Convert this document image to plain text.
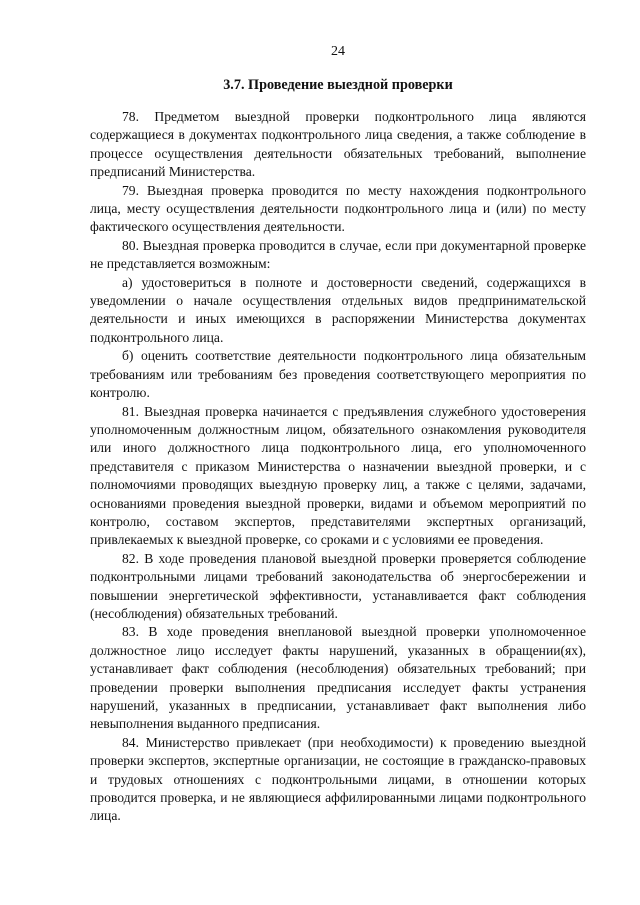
24
3.7. Проведение выездной проверки

78. Предметом выездной проверки подконтрольного лица являются содержащиеся в документах подконтрольного лица сведения, а также соблюдение в процессе осуществления деятельности обязательных требований, выполнение предписаний Министерства.

79. Выездная проверка проводится по месту нахождения подконтрольного лица, месту осуществления деятельности подконтрольного лица и (или) по месту фактического осуществления деятельности.

80. Выездная проверка проводится в случае, если при документарной проверке не представляется возможным:

а) удостовериться в полноте и достоверности сведений, содержащихся в уведомлении о начале осуществления отдельных видов предпринимательской деятельности и иных имеющихся в распоряжении Министерства документах подконтрольного лица.

б) оценить соответствие деятельности подконтрольного лица обязательным требованиям или требованиям без проведения соответствующего мероприятия по контролю.

81. Выездная проверка начинается с предъявления служебного удостоверения уполномоченным должностным лицом, обязательного ознакомления руководителя или иного должностного лица подконтрольного лица, его уполномоченного представителя с приказом Министерства о назначении выездной проверки, и с полномочиями проводящих выездную проверку лиц, а также с целями, задачами, основаниями проведения выездной проверки, видами и объемом мероприятий по контролю, составом экспертов, представителями экспертных организаций, привлекаемых к выездной проверке, со сроками и с условиями ее проведения.

82. В ходе проведения плановой выездной проверки проверяется соблюдение подконтрольными лицами требований законодательства об энергосбережении и повышении энергетической эффективности, устанавливается факт соблюдения (несоблюдения) обязательных требований.

83. В ходе проведения внеплановой выездной проверки уполномоченное должностное лицо исследует факты нарушений, указанных в обращении(ях), устанавливает факт соблюдения (несоблюдения) обязательных требований; при проведении проверки выполнения предписания исследует факты устранения нарушений, указанных в предписании, устанавливает факт выполнения либо невыполнения выданного предписания.

84. Министерство привлекает (при необходимости) к проведению выездной проверки экспертов, экспертные организации, не состоящие в гражданско-правовых и трудовых отношениях с подконтрольными лицами, в отношении которых проводится проверка, и не являющиеся аффилированными лицами подконтрольного лица.
